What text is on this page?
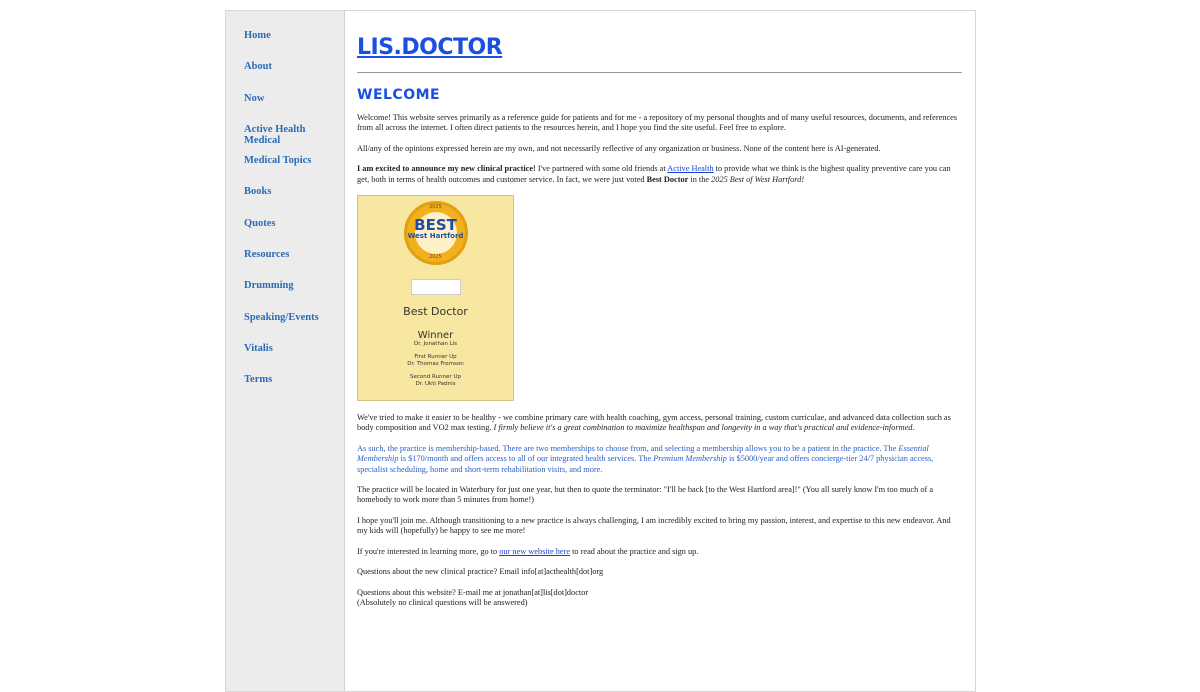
Home
About
Now
Active Health Medical
Medical Topics
Books
Quotes
Resources
Drumming
Speaking/Events
Vitalis
Terms
LIS.DOCTOR
WELCOME

Welcome! This website serves primarily as a reference guide for patients and for me - a repository of my personal thoughts and of many useful resources, documents, and references from all across the internet. I often direct patients to the resources herein, and I hope you find the site useful. Feel free to explore.

All/any of the opinions expressed herein are my own, and not necessarily reflective of any organization or business. None of the content here is AI-generated.

I am excited to announce my new clinical practice! I've partnered with some old friends at Active Health to provide what we think is the highest quality preventive care you can get, both in terms of health outcomes and customer service. In fact, we were just voted Best Doctor in the 2025 Best of West Hartford!

2025
BEST
West Hartford
2025
Best Doctor
Winner
Dr. Jonathan Lis
First Runner Up
Dr. Thomas Fromson
Second Runner Up
Dr. Ukti Padnis

We've tried to make it easier to be healthy - we combine primary care with health coaching, gym access, personal training, custom curriculae, and advanced data collection such as body composition and VO2 max testing. I firmly believe it's a great combination to maximize healthspan and longevity in a way that's practical and evidence-informed.

As such, the practice is membership-based. There are two memberships to choose from, and selecting a membership allows you to be a patient in the practice. The Essential Membership is $170/month and offers access to all of our integrated health services. The Premium Membership is $5000/year and offers concierge-tier 24/7 physician access, specialist scheduling, home and short-term rehabilitation visits, and more.

The practice will be located in Waterbury for just one year, but then to quote the terminator: "I'll be back [to the West Hartford area]!" (You all surely know I'm too much of a homebody to work more than 5 minutes from home!)

I hope you'll join me. Although transitioning to a new practice is always challenging, I am incredibly excited to bring my passion, interest, and expertise to this new endeavor. And my kids will (hopefully) be happy to see me more!

If you're interested in learning more, go to our new website here to read about the practice and sign up.

Questions about the new clinical practice? Email info[at]acthealth[dot]org

Questions about this website? E-mail me at jonathan[at]lis[dot]doctor
(Absolutely no clinical questions will be answered)
